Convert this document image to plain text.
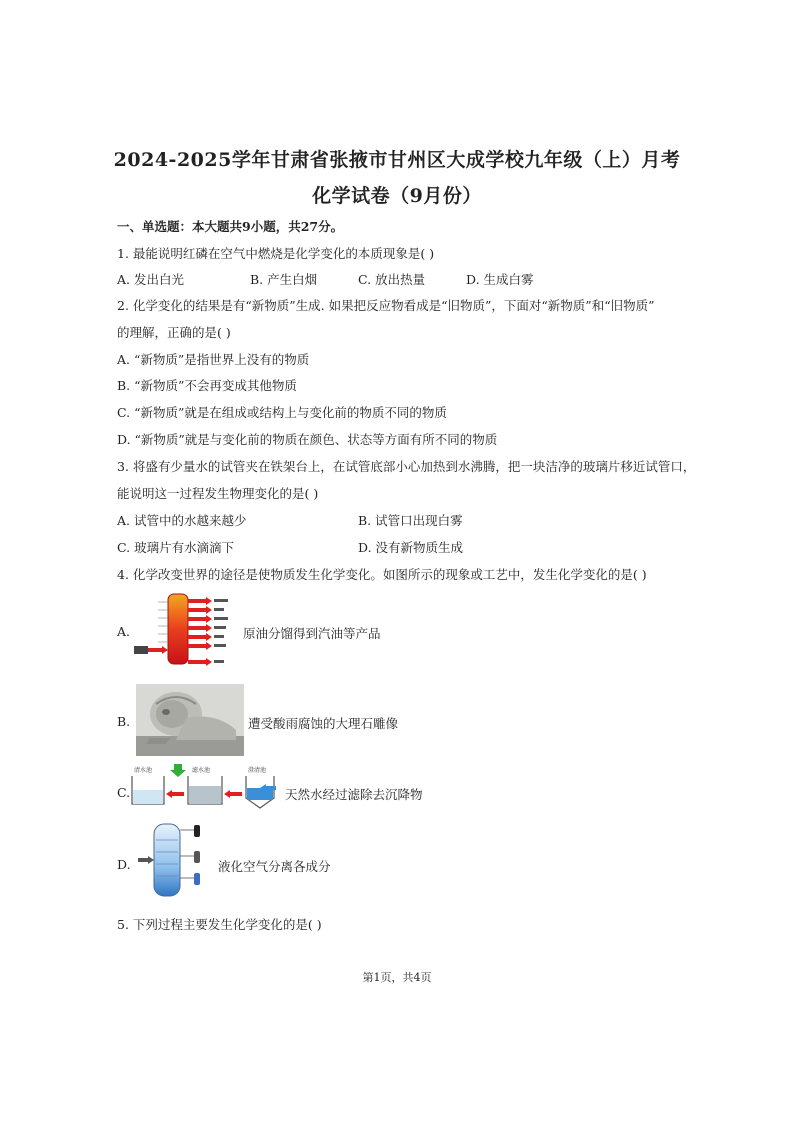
2024-2025学年甘肃省张掖市甘州区大成学校九年级（上）月考
化学试卷（9月份）
一、单选题：本大题共9小题，共27分。
1. 最能说明红磷在空气中燃烧是化学变化的本质现象是( )
A. 发出白光	B. 产生白烟	C. 放出热量	D. 生成白雾
2. 化学变化的结果是有“新物质”生成. 如果把反应物看成是“旧物质”，下面对“新物质”和“旧物质”
的理解，正确的是( )
A. “新物质”是指世界上没有的物质
B. “新物质”不会再变成其他物质
C. “新物质”就是在组成或结构上与变化前的物质不同的物质
D. “新物质”就是与变化前的物质在颜色、状态等方面有所不同的物质
3. 将盛有少量水的试管夹在铁架台上，在试管底部小心加热到水沸腾，把一块洁净的玻璃片移近试管口，
能说明这一过程发生物理变化的是( )
A. 试管中的水越来越少	B. 试管口出现白雾
C. 玻璃片有水滴滴下	D. 没有新物质生成
4. 化学改变世界的途径是使物质发生化学变化。如图所示的现象或工艺中，发生化学变化的是( )
A.	原油分馏得到汽油等产品
B.	遭受酸雨腐蚀的大理石雕像
C.
清水池	滤水池	澄清池
天然水经过滤除去沉降物
D.	液化空气分离各成分
5. 下列过程主要发生化学变化的是( )
第1页，共4页
